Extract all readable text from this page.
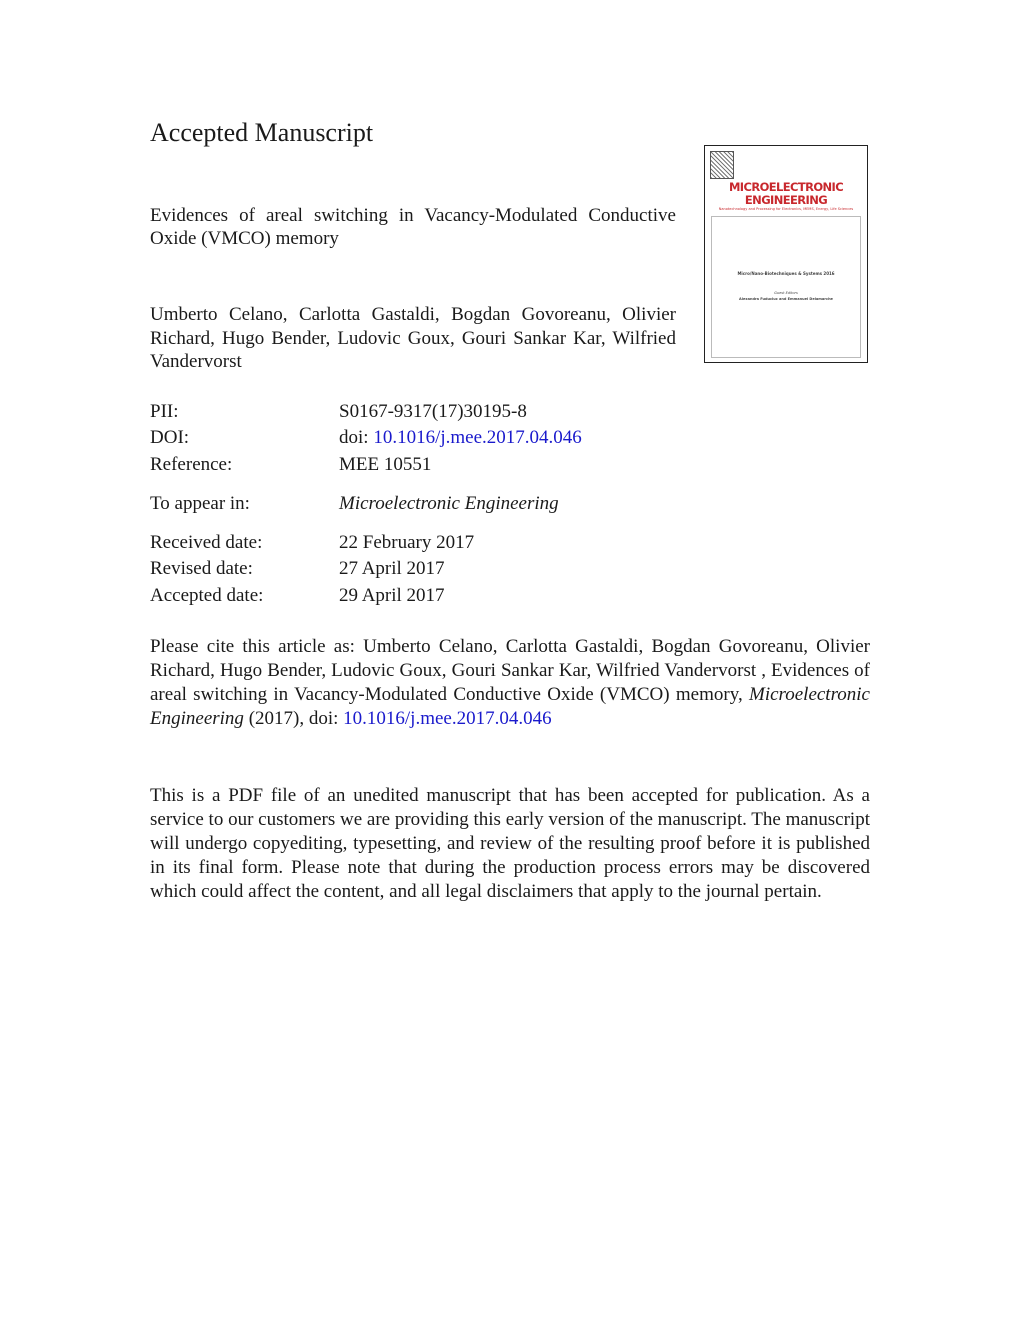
Accepted Manuscript
Evidences of areal switching in Vacancy-Modulated Conductive Oxide (VMCO) memory
Umberto Celano, Carlotta Gastaldi, Bogdan Govoreanu, Olivier Richard, Hugo Bender, Ludovic Goux, Gouri Sankar Kar, Wilfried Vandervorst
MICROELECTRONIC
ENGINEERING
Nanotechnology and Processing for Electronics, MEMS, Energy, Life Sciences
Micro/Nano-Biotechniques & Systems 2016
Guest Editors
Alexandra Fuduciuc and Emmanuel Delamarche
PII:	S0167-9317(17)30195-8
DOI:	doi: 10.1016/j.mee.2017.04.046
Reference:	MEE 10551
To appear in:	Microelectronic Engineering
Received date:	22 February 2017
Revised date:	27 April 2017
Accepted date:	29 April 2017
Please cite this article as: Umberto Celano, Carlotta Gastaldi, Bogdan Govoreanu, Olivier Richard, Hugo Bender, Ludovic Goux, Gouri Sankar Kar, Wilfried Vandervorst , Evidences of areal switching in Vacancy-Modulated Conductive Oxide (VMCO) memory, Microelectronic Engineering (2017), doi: 10.1016/j.mee.2017.04.046
This is a PDF file of an unedited manuscript that has been accepted for publication. As a service to our customers we are providing this early version of the manuscript. The manuscript will undergo copyediting, typesetting, and review of the resulting proof before it is published in its final form. Please note that during the production process errors may be discovered which could affect the content, and all legal disclaimers that apply to the journal pertain.
